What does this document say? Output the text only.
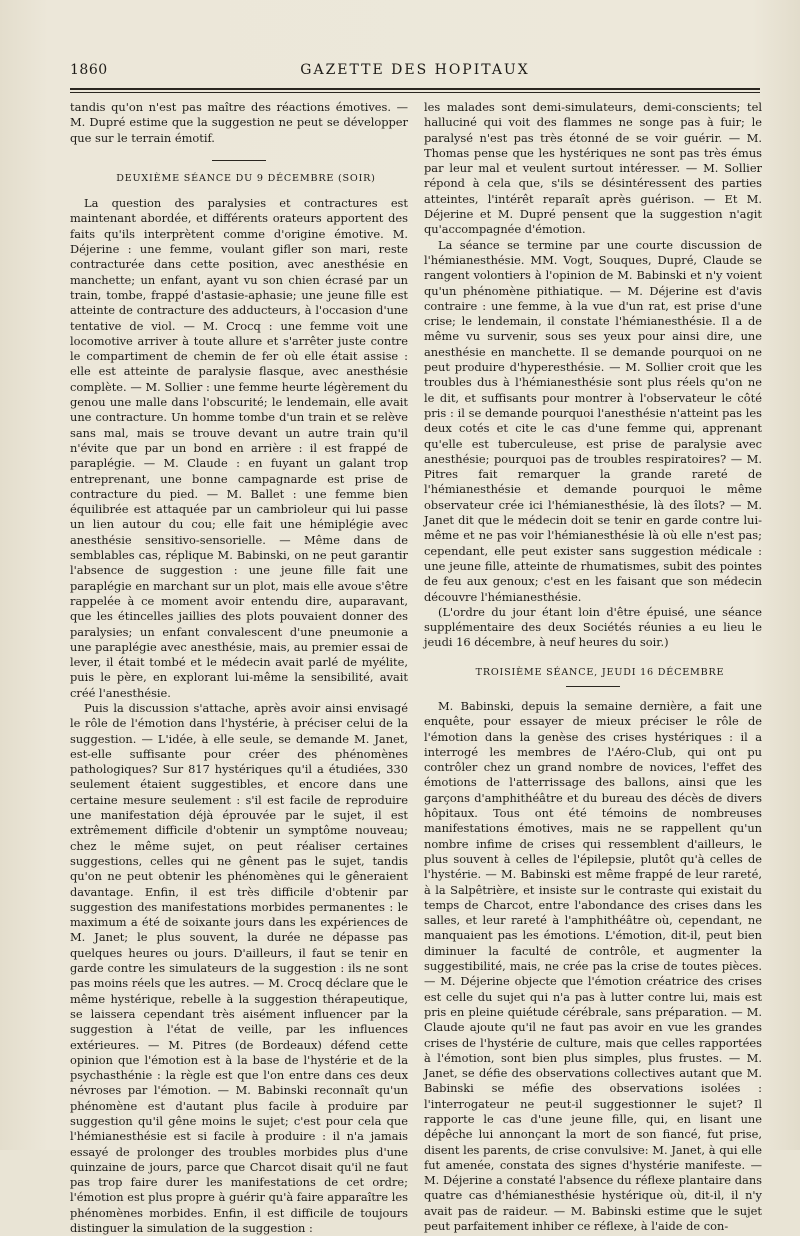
1860	GAZETTE DES HOPITAUX

tandis qu'on n'est pas maître des réactions émotives. — M. Dupré estime que la suggestion ne peut se développer que sur le terrain émotif.

DEUXIÈME SÉANCE DU 9 DÉCEMBRE (SOIR)

La question des paralysies et contractures est maintenant abordée, et différents orateurs apportent des faits qu'ils interprètent comme d'origine émotive. M. Déjerine : une femme, voulant gifler son mari, reste contracturée dans cette position, avec anesthésie en manchette; un enfant, ayant vu son chien écrasé par un train, tombe, frappé d'astasie-aphasie; une jeune fille est atteinte de contracture des adducteurs, à l'occasion d'une tentative de viol. — M. Crocq : une femme voit une locomotive arriver à toute allure et s'arrêter juste contre le compartiment de chemin de fer où elle était assise : elle est atteinte de paralysie flasque, avec anesthésie complète. — M. Sollier : une femme heurte légèrement du genou une malle dans l'obscurité; le lendemain, elle avait une contracture. Un homme tombe d'un train et se relève sans mal, mais se trouve devant un autre train qu'il n'évite que par un bond en arrière : il est frappé de paraplégie. — M. Claude : en fuyant un galant trop entreprenant, une bonne campagnarde est prise de contracture du pied. — M. Ballet : une femme bien équilibrée est attaquée par un cambrioleur qui lui passe un lien autour du cou; elle fait une hémiplégie avec anesthésie sensitivo-sensorielle. — Même dans de semblables cas, réplique M. Babinski, on ne peut garantir l'absence de suggestion : une jeune fille fait une paraplégie en marchant sur un plot, mais elle avoue s'être rappelée à ce moment avoir entendu dire, auparavant, que les étincelles jaillies des plots pouvaient donner des paralysies; un enfant convalescent d'une pneumonie a une paraplégie avec anesthésie, mais, au premier essai de lever, il était tombé et le médecin avait parlé de myélite, puis le père, en explorant lui-même la sensibilité, avait créé l'anesthésie.

Puis la discussion s'attache, après avoir ainsi envisagé le rôle de l'émotion dans l'hystérie, à préciser celui de la suggestion. — L'idée, à elle seule, se demande M. Janet, est-elle suffisante pour créer des phénomènes pathologiques? Sur 817 hystériques qu'il a étudiées, 330 seulement étaient suggestibles, et encore dans une certaine mesure seulement : s'il est facile de reproduire une manifestation déjà éprouvée par le sujet, il est extrêmement difficile d'obtenir un symptôme nouveau; chez le même sujet, on peut réaliser certaines suggestions, celles qui ne gênent pas le sujet, tandis qu'on ne peut obtenir les phénomènes qui le gêneraient davantage. Enfin, il est très difficile d'obtenir par suggestion des manifestations morbides permanentes : le maximum a été de soixante jours dans les expériences de M. Janet; le plus souvent, la durée ne dépasse pas quelques heures ou jours. D'ailleurs, il faut se tenir en garde contre les simulateurs de la suggestion : ils ne sont pas moins réels que les autres. — M. Crocq déclare que le même hystérique, rebelle à la suggestion thérapeutique, se laissera cependant très aisément influencer par la suggestion à l'état de veille, par les influences extérieures. — M. Pitres (de Bordeaux) défend cette opinion que l'émotion est à la base de l'hystérie et de la psychasthénie : la règle est que l'on entre dans ces deux névroses par l'émotion. — M. Babinski reconnaît qu'un phénomène est d'autant plus facile à produire par suggestion qu'il gêne moins le sujet; c'est pour cela que l'hémianesthésie est si facile à produire : il n'a jamais essayé de prolonger des troubles morbides plus d'une quinzaine de jours, parce que Charcot disait qu'il ne faut pas trop faire durer les manifestations de cet ordre; l'émotion est plus propre à guérir qu'à faire apparaître les phénomènes morbides. Enfin, il est difficile de toujours distinguer la simulation de la suggestion :

les malades sont demi-simulateurs, demi-conscients; tel halluciné qui voit des flammes ne songe pas à fuir; le paralysé n'est pas très étonné de se voir guérir. — M. Thomas pense que les hystériques ne sont pas très émus par leur mal et veulent surtout intéresser. — M. Sollier répond à cela que, s'ils se désintéressent des parties atteintes, l'intérêt reparaît après guérison. — Et M. Déjerine et M. Dupré pensent que la suggestion n'agit qu'accompagnée d'émotion.

La séance se termine par une courte discussion de l'hémianesthésie. MM. Vogt, Souques, Dupré, Claude se rangent volontiers à l'opinion de M. Babinski et n'y voient qu'un phénomène pithiatique. — M. Déjerine est d'avis contraire : une femme, à la vue d'un rat, est prise d'une crise; le lendemain, il constate l'hémianesthésie. Il a de même vu survenir, sous ses yeux pour ainsi dire, une anesthésie en manchette. Il se demande pourquoi on ne peut produire d'hyperesthésie. — M. Sollier croit que les troubles dus à l'hémianesthésie sont plus réels qu'on ne le dit, et suffisants pour montrer à l'observateur le côté pris : il se demande pourquoi l'anesthésie n'atteint pas les deux cotés et cite le cas d'une femme qui, apprenant qu'elle est tuberculeuse, est prise de paralysie avec anesthésie; pourquoi pas de troubles respiratoires? — M. Pitres fait remarquer la grande rareté de l'hémianesthésie et demande pourquoi le même observateur crée ici l'hémianesthésie, là des îlots? — M. Janet dit que le médecin doit se tenir en garde contre lui-même et ne pas voir l'hémianesthésie là où elle n'est pas; cependant, elle peut exister sans suggestion médicale : une jeune fille, atteinte de rhumatismes, subit des pointes de feu aux genoux; c'est en les faisant que son médecin découvre l'hémianesthésie.

(L'ordre du jour étant loin d'être épuisé, une séance supplémentaire des deux Sociétés réunies a eu lieu le jeudi 16 décembre, à neuf heures du soir.)

TROISIÈME SÉANCE, JEUDI 16 DÉCEMBRE

M. Babinski, depuis la semaine dernière, a fait une enquête, pour essayer de mieux préciser le rôle de l'émotion dans la genèse des crises hystériques : il a interrogé les membres de l'Aéro-Club, qui ont pu contrôler chez un grand nombre de novices, l'effet des émotions de l'atterrissage des ballons, ainsi que les garçons d'amphithéâtre et du bureau des décès de divers hôpitaux. Tous ont été témoins de nombreuses manifestations émotives, mais ne se rappellent qu'un nombre infime de crises qui ressemblent d'ailleurs, le plus souvent à celles de l'épilepsie, plutôt qu'à celles de l'hystérie. — M. Babinski est même frappé de leur rareté, à la Salpêtrière, et insiste sur le contraste qui existait du temps de Charcot, entre l'abondance des crises dans les salles, et leur rareté à l'amphithéâtre où, cependant, ne manquaient pas les émotions. L'émotion, dit-il, peut bien diminuer la faculté de contrôle, et augmenter la suggestibilité, mais, ne crée pas la crise de toutes pièces. — M. Déjerine objecte que l'émotion créatrice des crises est celle du sujet qui n'a pas à lutter contre lui, mais est pris en pleine quiétude cérébrale, sans préparation. — M. Claude ajoute qu'il ne faut pas avoir en vue les grandes crises de l'hystérie de culture, mais que celles rapportées à l'émotion, sont bien plus simples, plus frustes. — M. Janet, se défie des observations collectives autant que M. Babinski se méfie des observations isolées : l'interrogateur ne peut-il suggestionner le sujet? Il rapporte le cas d'une jeune fille, qui, en lisant une dépêche lui annonçant la mort de son fiancé, fut prise, disent les parents, de crise convulsive: M. Janet, à qui elle fut amenée, constata des signes d'hystérie manifeste. — M. Déjerine a constaté l'absence du réflexe plantaire dans quatre cas d'hémianesthésie hystérique où, dit-il, il n'y avait pas de raideur. — M. Babinski estime que le sujet peut parfaitement inhiber ce réflexe, à l'aide de con-
